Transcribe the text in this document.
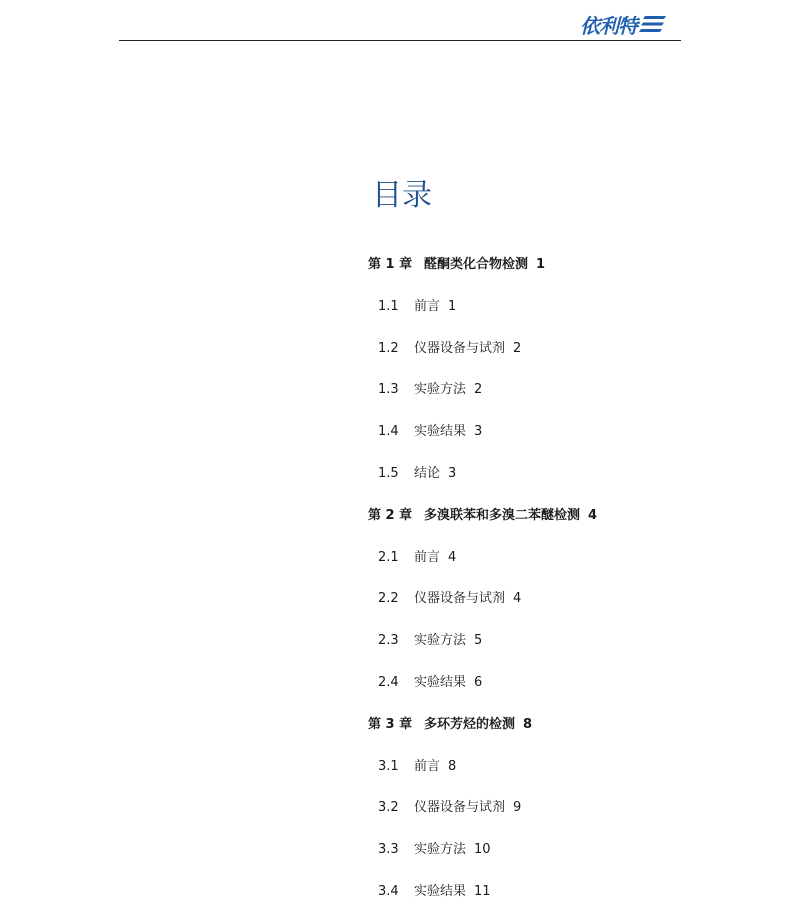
依利特
目录
第 1 章 醛酮类化合物检测 1
1.1 前言 1
1.2 仪器设备与试剂 2
1.3 实验方法 2
1.4 实验结果 3
1.5 结论 3
第 2 章 多溴联苯和多溴二苯醚检测 4
2.1 前言 4
2.2 仪器设备与试剂 4
2.3 实验方法 5
2.4 实验结果 6
第 3 章 多环芳烃的检测 8
3.1 前言 8
3.2 仪器设备与试剂 9
3.3 实验方法 10
3.4 实验结果 11
